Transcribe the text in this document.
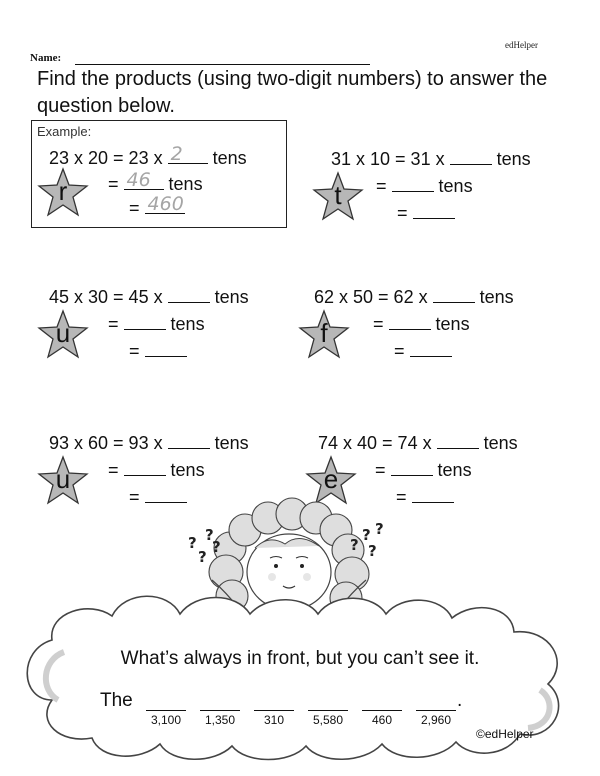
edHelper
Name:
Find the products (using two-digit numbers) to answer the question below.
Example:
23 x 20 = 23 x 2 tens
= 46 tens
= 460
r
31 x 10 = 31 x	tens
=	tens
=
t
45 x 30 = 45 x	tens
=	tens
=
u
62 x 50 = 62 x	tens
=	tens
=
f
93 x 60 = 93 x	tens
=	tens
=
u
74 x 40 = 74 x	tens
=	tens
=
e
? ?
?
?	?
? ?
?
What’s always in front, but you can’t see it.
The	.
3,100	1,350	310	5,580	460	2,960
©edHelper
